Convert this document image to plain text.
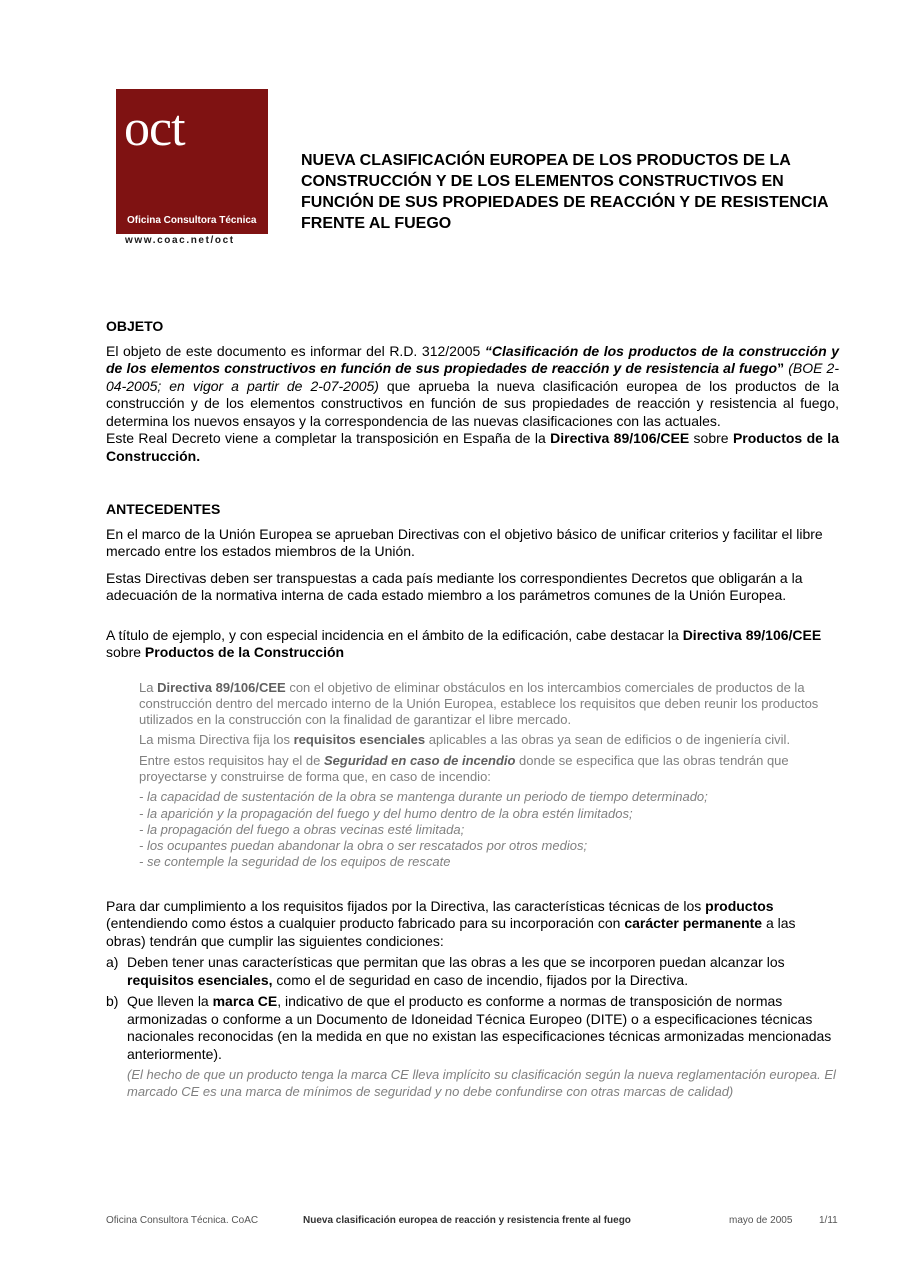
oct
Oficina Consultora Técnica
www.coac.net/oct
NUEVA CLASIFICACIÓN EUROPEA DE LOS PRODUCTOS DE LA CONSTRUCCIÓN Y DE LOS ELEMENTOS CONSTRUCTIVOS EN FUNCIÓN DE SUS PROPIEDADES DE REACCIÓN Y DE RESISTENCIA FRENTE AL FUEGO
OBJETO

El objeto de este documento es informar del R.D. 312/2005 “Clasificación de los productos de la construcción y de los elementos constructivos en función de sus propiedades de reacción y de resistencia al fuego” (BOE 2-04-2005; en vigor a partir de 2-07-2005) que aprueba la nueva clasificación europea de los productos de la construcción y de los elementos constructivos en función de sus propiedades de reacción y resistencia al fuego, determina los nuevos ensayos y la correspondencia de las nuevas clasificaciones con las actuales.

Este Real Decreto viene a completar la transposición en España de la Directiva 89/106/CEE sobre Productos de la Construcción.

ANTECEDENTES

En el marco de la Unión Europea se aprueban Directivas con el objetivo básico de unificar criterios y facilitar el libre mercado entre los estados miembros de la Unión.

Estas Directivas deben ser transpuestas a cada país mediante los correspondientes Decretos que obligarán a la adecuación de la normativa interna de cada estado miembro a los parámetros comunes de la Unión Europea.

A título de ejemplo, y con especial incidencia en el ámbito de la edificación, cabe destacar la Directiva 89/106/CEE sobre Productos de la Construcción

La Directiva 89/106/CEE con el objetivo de eliminar obstáculos en los intercambios comerciales de productos de la construcción dentro del mercado interno de la Unión Europea, establece los requisitos que deben reunir los productos utilizados en la construcción con la finalidad de garantizar el libre mercado.

La misma Directiva fija los requisitos esenciales aplicables a las obras ya sean de edificios o de ingeniería civil.

Entre estos requisitos hay el de Seguridad en caso de incendio donde se especifica que las obras tendrán que proyectarse y construirse de forma que, en caso de incendio:

- la capacidad de sustentación de la obra se mantenga durante un periodo de tiempo determinado;

- la aparición y la propagación del fuego y del humo dentro de la obra estén limitados;

- la propagación del fuego a obras vecinas esté limitada;

- los ocupantes puedan abandonar la obra o ser rescatados por otros medios;

- se contemple la seguridad de los equipos de rescate

Para dar cumplimiento a los requisitos fijados por la Directiva, las características técnicas de los productos (entendiendo como éstos a cualquier producto fabricado para su incorporación con carácter permanente a las obras) tendrán que cumplir las siguientes condiciones:

a) Deben tener unas características que permitan que las obras a les que se incorporen puedan alcanzar los requisitos esenciales, como el de seguridad en caso de incendio, fijados por la Directiva.
b) Que lleven la marca CE, indicativo de que el producto es conforme a normas de transposición de normas armonizadas o conforme a un Documento de Idoneidad Técnica Europeo (DITE) o a especificaciones técnicas nacionales reconocidas (en la medida en que no existan las especificaciones técnicas armonizadas mencionadas anteriormente).
(El hecho de que un producto tenga la marca CE lleva implícito su clasificación según la nueva reglamentación europea. El marcado CE es una marca de mínimos de seguridad y no debe confundirse con otras marcas de calidad)
Oficina Consultora Técnica. CoAC	Nueva clasificación europea de reacción y resistencia frente al fuego	mayo de 2005	1/11
